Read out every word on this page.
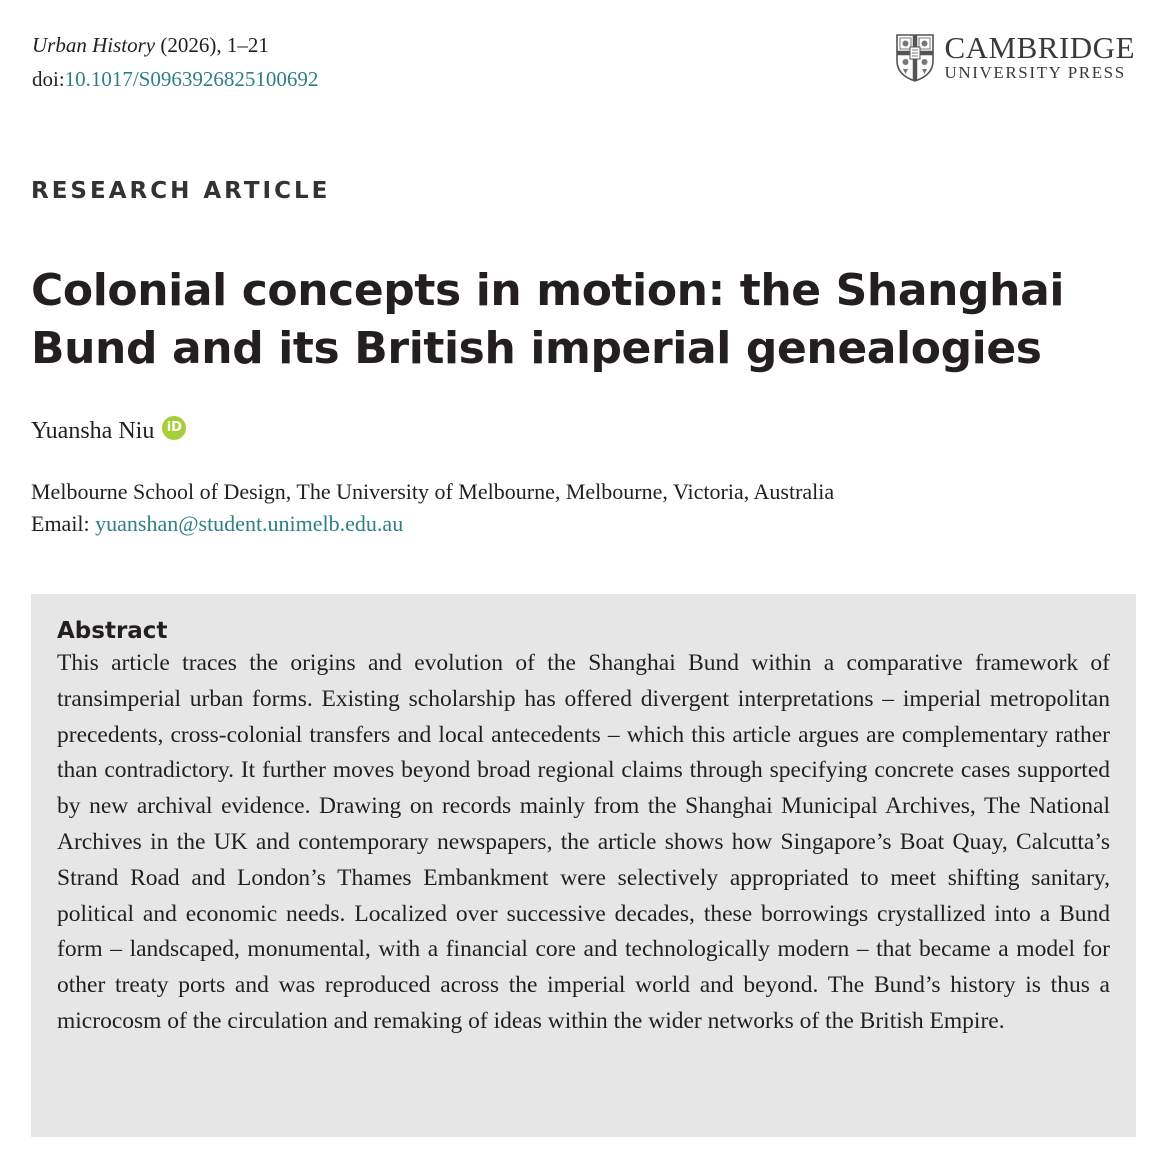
Urban History (2026), 1–21
doi:10.1017/S0963926825100692
CAMBRIDGE
UNIVERSITY PRESS
RESEARCH ARTICLE
Colonial concepts in motion: the Shanghai Bund and its British imperial genealogies
Yuansha Niu iD
Melbourne School of Design, The University of Melbourne, Melbourne, Victoria, Australia
Email: yuanshan@student.unimelb.edu.au
Abstract

This article traces the origins and evolution of the Shanghai Bund within a comparative framework of transimperial urban forms. Existing scholarship has offered divergent interpretations – imperial metropolitan precedents, cross-colonial transfers and local antecedents – which this article argues are complementary rather than contradictory. It further moves beyond broad regional claims through specifying concrete cases supported by new archival evidence. Drawing on records mainly from the Shanghai Municipal Archives, The National Archives in the UK and contemporary newspapers, the article shows how Singapore’s Boat Quay, Calcutta’s Strand Road and London’s Thames Embankment were selectively appropriated to meet shifting sanitary, political and economic needs. Localized over successive decades, these borrowings crystallized into a Bund form – landscaped, monumental, with a financial core and technologically modern – that became a model for other treaty ports and was reproduced across the imperial world and beyond. The Bund’s history is thus a microcosm of the circulation and remaking of ideas within the wider networks of the British Empire.
